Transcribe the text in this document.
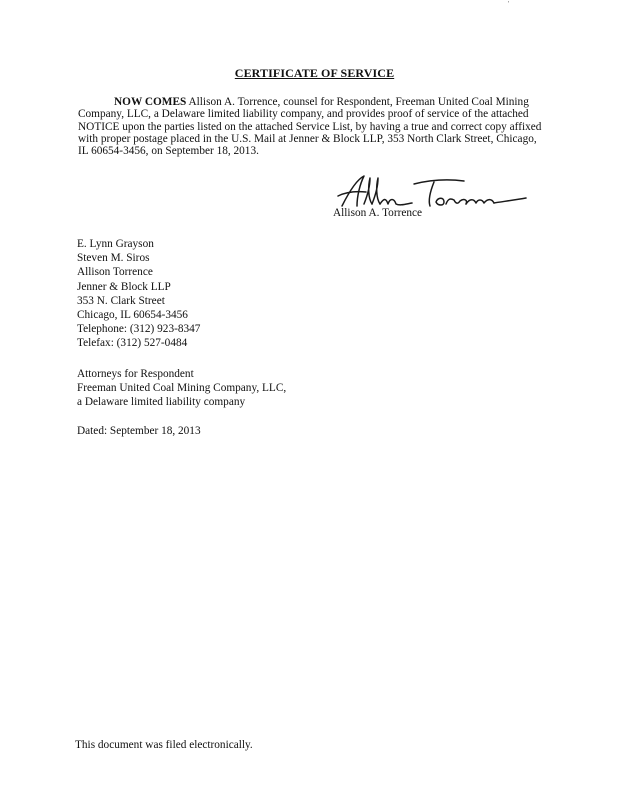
'
CERTIFICATE OF SERVICE
NOW COMES Allison A. Torrence, counsel for Respondent, Freeman United Coal Mining Company, LLC, a Delaware limited liability company, and provides proof of service of the attached NOTICE upon the parties listed on the attached Service List, by having a true and correct copy affixed with proper postage placed in the U.S. Mail at Jenner & Block LLP, 353 North Clark Street, Chicago, IL 60654-3456, on September 18, 2013.
Allison A. Torrence
E. Lynn Grayson
Steven M. Siros
Allison Torrence
Jenner & Block LLP
353 N. Clark Street
Chicago, IL 60654-3456
Telephone: (312) 923-8347
Telefax: (312) 527-0484
Attorneys for Respondent
Freeman United Coal Mining Company, LLC,
a Delaware limited liability company
Dated: September 18, 2013
This document was filed electronically.
